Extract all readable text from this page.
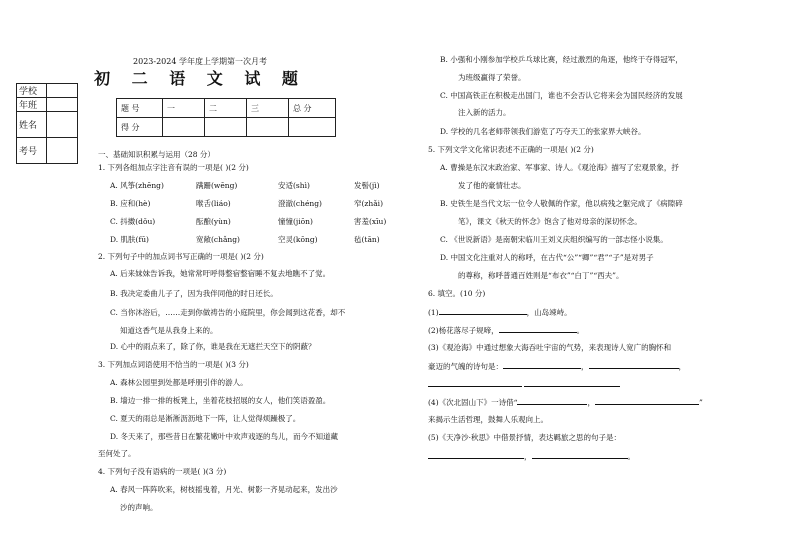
学校	
年班	
姓名	
考号	
2023-2024 学年度上学期第一次月考
初 二 语 文 试 题
题 号	一	二	三	总 分
得 分				
一、基础知识积累与运用（28 分）
1. 下列各组加点字注音有误的一项是( )(2 分)
A. 风筝(zhēng)	蹒跚(wēng)	安适(shì)	发髻(jì)
B. 应和(hè)	喉舌(liáo)	澄澈(chéng)	窄(zhǎi)
C. 抖擞(dǒu)	酝酿(yùn)	憧憧(jiōn)	害羞(xīu)
D. 肌肤(fū)	宽敞(chǎng)	空灵(kōng)	毡(tān)
2. 下列句子中的加点词书写正确的一项是( )(2 分)
A. 后来妹妹告诉我，她常常吁呼得整宿整宿睡不复去地瞧不了觉。
B. 我决定委曲儿子了，因为我伴同他的时日还长。
C. 当你沐浴后，……走到你做祷告的小庭院里，你会闻到这花香，却不
知道这香气是从我身上来的。
D. 心中的雨点来了，除了你，谁是我在无遮拦天空下的阴蔽？
3. 下列加点词语使用不恰当的一项是( )(3 分)
A. 森林公园里到处都是呼朋引伴的游人。
B. 墙边一排一排的板凳上，坐着花枝招展的女人，他们笑语盈盈。
C. 夏天的雨总是淅淅沥沥地下一阵，让人觉得烦躁极了。
D. 冬天来了，那些昔日在繁花嫩叶中欢声戏逐的鸟儿，而今不知道藏
至何处了。
4. 下列句子没有语病的一项是( )(3 分)
A. 春风一阵阵吹来，树枝摇曳着，月光、树影一齐晃动起来，发出沙
沙的声响。
B. 小强和小刚参加学校乒乓球比赛，经过激烈的角逐，他终于夺得冠军，
为班级赢得了荣誉。
C. 中国高铁正在积极走出国门，谁也不会否认它将来会为国民经济的发展
注入新的活力。
D. 学校的几名老师带领我们游览了巧夺天工的张家界大峡谷。
5. 下列文学文化常识表述不正确的一项是( )(2 分)
A. 曹操是东汉末政治家、军事家、诗人。《观沧海》描写了宏观景象，抒
发了他的豪情壮志。
B. 史铁生是当代文坛一位令人敬佩的作家，他以病残之躯完成了《病隙碎
笔》，课文《秋天的怀念》饱含了他对母亲的深切怀念。
C. 《世说新语》是南朝宋临川王刘义庆组织编写的一部志怪小说集。
D. 中国文化注重对人的称呼，在古代“公”“卿”“君”“子”是对男子
的尊称，称呼普通百姓则是“布衣”“白丁”“西夫”。
6. 填空。(10 分)
(1)	，山岛竦峙。
(2)杨花落尽子规啼，	。
(3)《观沧海》中通过想象大海吞吐宇宙的气势，来表现诗人宽广的胸怀和
豪迈的气魄的诗句是：	，	，

(4)《次北固山下》一诗借“	，	”
来揭示生活哲理，鼓舞人乐观向上。
(5)《天净沙·秋思》中借景抒情，表达羁旅之思的句子是：
，	。
